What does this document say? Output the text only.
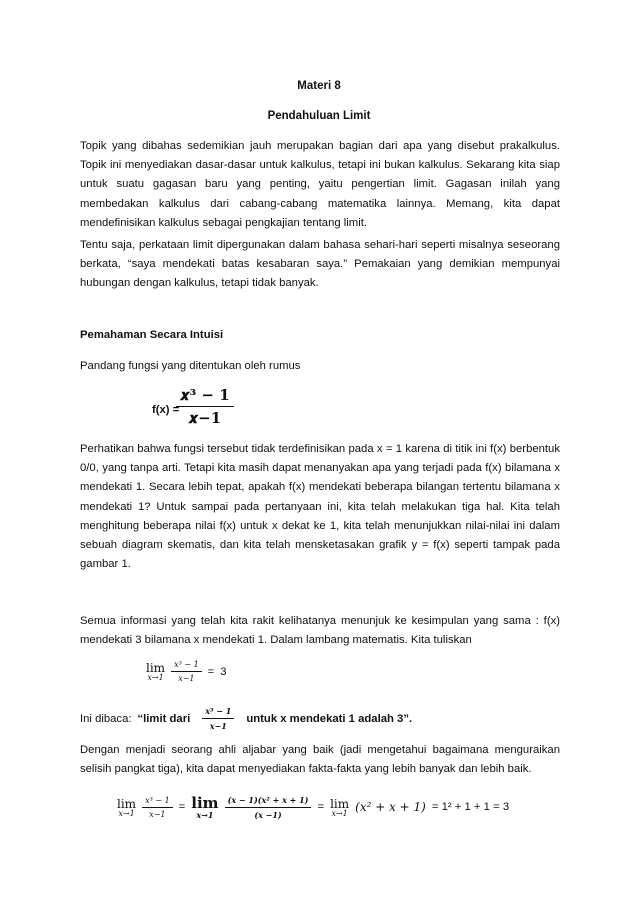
Materi 8
Pendahuluan Limit

Topik yang dibahas sedemikian jauh merupakan bagian dari apa yang disebut prakalkulus. Topik ini menyediakan dasar-dasar untuk kalkulus, tetapi ini bukan kalkulus. Sekarang kita siap untuk suatu gagasan baru yang penting, yaitu pengertian limit. Gagasan inilah yang membedakan kalkulus dari cabang-cabang matematika lainnya. Memang, kita dapat mendefinisikan kalkulus sebagai pengkajian tentang limit.

Tentu saja, perkataan limit dipergunakan dalam bahasa sehari-hari seperti misalnya seseorang berkata, “saya mendekati batas kesabaran saya.” Pemakaian yang demikian mempunyai hubungan dengan kalkulus, tetapi tidak banyak.

Pemahaman Secara Intuisi
Pandang fungsi yang ditentukan oleh rumus
f(x) =
𝒙³ − 𝟏
𝒙−𝟏

Perhatikan bahwa fungsi tersebut tidak terdefinisikan pada x = 1 karena di titik ini f(x) berbentuk 0/0, yang tanpa arti. Tetapi kita masih dapat menanyakan apa yang terjadi pada f(x) bilamana x mendekati 1. Secara lebih tepat, apakah f(x) mendekati beberapa bilangan tertentu bilamana x mendekati 1? Untuk sampai pada pertanyaan ini, kita telah melakukan tiga hal. Kita telah menghitung beberapa nilai f(x) untuk x dekat ke 1, kita telah menunjukkan nilai-nilai ini dalam sebuah diagram skematis, dan kita telah mensketasakan grafik y = f(x) seperti tampak pada gambar 1.

Semua informasi yang telah kita rakit kelihatanya menunjuk ke kesimpulan yang sama : f(x) mendekati 3 bilamana x mendekati 1. Dalam lambang matematis. Kita tuliskan

lim
$x\to 1 \frac{\text{x³ − 1}}{x-1} = 3$
Ini dibaca: “limit dari $\frac{\text{x³ − 1}}{x-1}$ untuk x mendekati 1 adalah 3”.

Dengan menjadi seorang ahli aljabar yang baik (jadi mengetahui bagaimana menguraikan selisih pangkat tiga), kita dapat menyediakan fakta-fakta yang lebih banyak dan lebih baik.

lim
$x\to 1 \frac{\text{x³ − 1}}{x-1} = \lim$
$x\to 1 \frac{\text{(x − 1)(x² + x + 1)}}{(x -1)} = \lim$
x→1 (x² + x + 1) = 1² + 1 + 1 = 3
